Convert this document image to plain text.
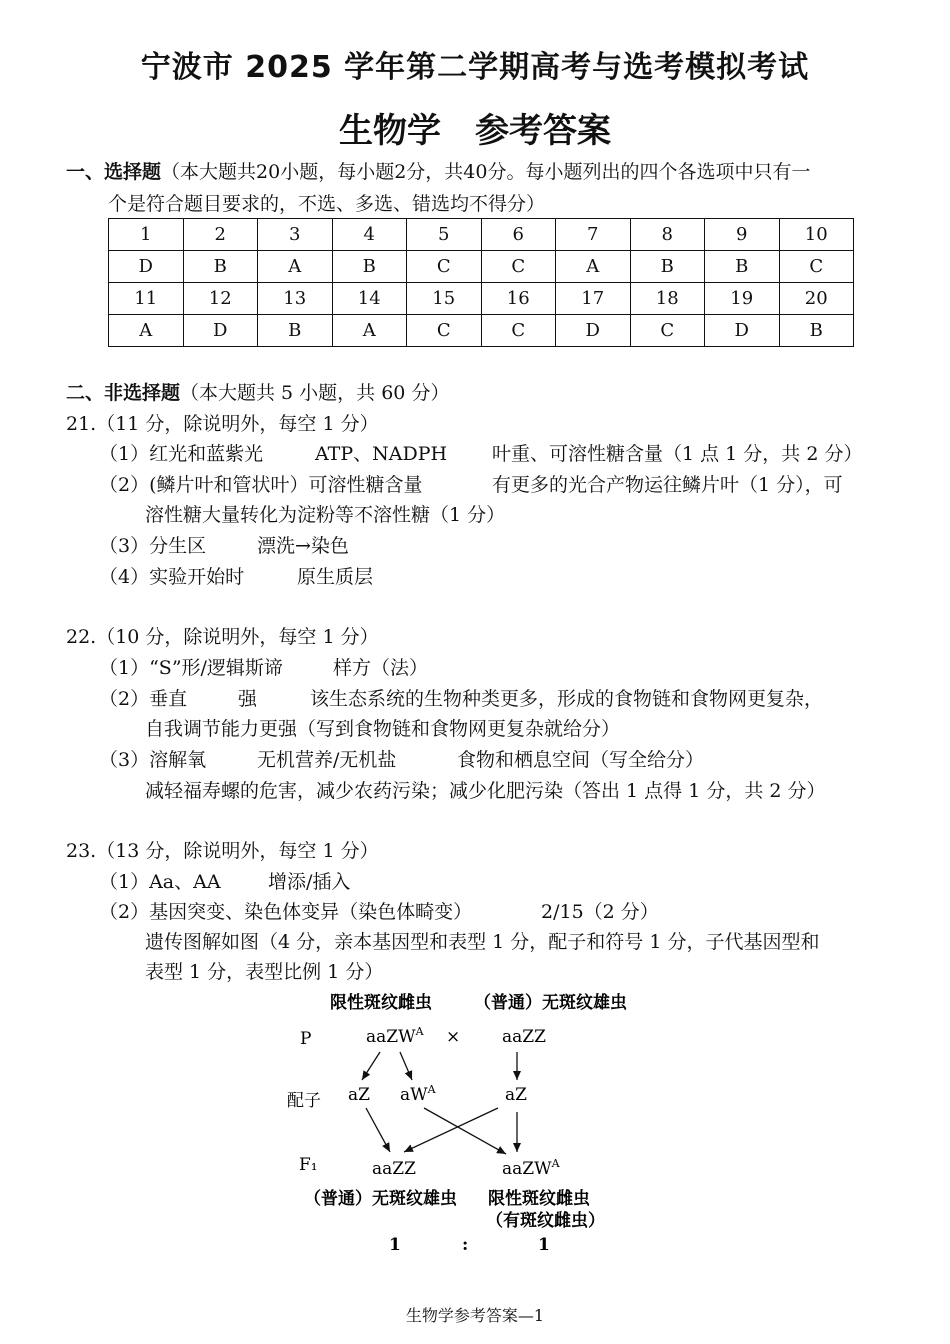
宁波市 2025 学年第二学期高考与选考模拟考试
生物学　参考答案
一、选择题（本大题共20小题，每小题2分，共40分。每小题列出的四个各选项中只有一
个是符合题目要求的，不选、多选、错选均不得分）
1	2	3	4	5	6	7	8	9	10
D	B	A	B	C	C	A	B	B	C
11	12	13	14	15	16	17	18	19	20
A	D	B	A	C	C	D	C	D	B
二、非选择题（本大题共 5 小题，共 60 分）
21.（11 分，除说明外，每空 1 分）
（1）红光和蓝紫光	ATP、NADPH 叶重、可溶性糖含量（1 点 1 分，共 2 分）
（2）(鳞片叶和管状叶）可溶性糖含量	有更多的光合产物运往鳞片叶（1 分），可
溶性糖大量转化为淀粉等不溶性糖（1 分）
（3）分生区	漂洗→染色
（4）实验开始时	原生质层
22.（10 分，除说明外，每空 1 分）
（1）“S”形/逻辑斯谛	样方（法）
（2）垂直	强	该生态系统的生物种类更多，形成的食物链和食物网更复杂，
自我调节能力更强（写到食物链和食物网更复杂就给分）
（3）溶解氧	无机营养/无机盐	食物和栖息空间（写全给分）
减轻福寿螺的危害，减少农药污染；减少化肥污染（答出 1 点得 1 分，共 2 分）
23.（13 分，除说明外，每空 1 分）
（1）Aa、AA 增添/插入
（2）基因突变、染色体变异（染色体畸变）	2/15（2 分）
遗传图解如图（4 分，亲本基因型和表型 1 分，配子和符号 1 分，子代基因型和
表型 1 分，表型比例 1 分）
限性斑纹雌虫 （普通）无斑纹雄虫
P	aaZW$^A$ × aaZZ
配子 aZ $aW^A$	aZ
F₁	aaZZ	aaZW$^A$
（普通）无斑纹雄虫 限性斑纹雌虫
（有斑纹雌虫）
1	:	1
生物学参考答案—1
